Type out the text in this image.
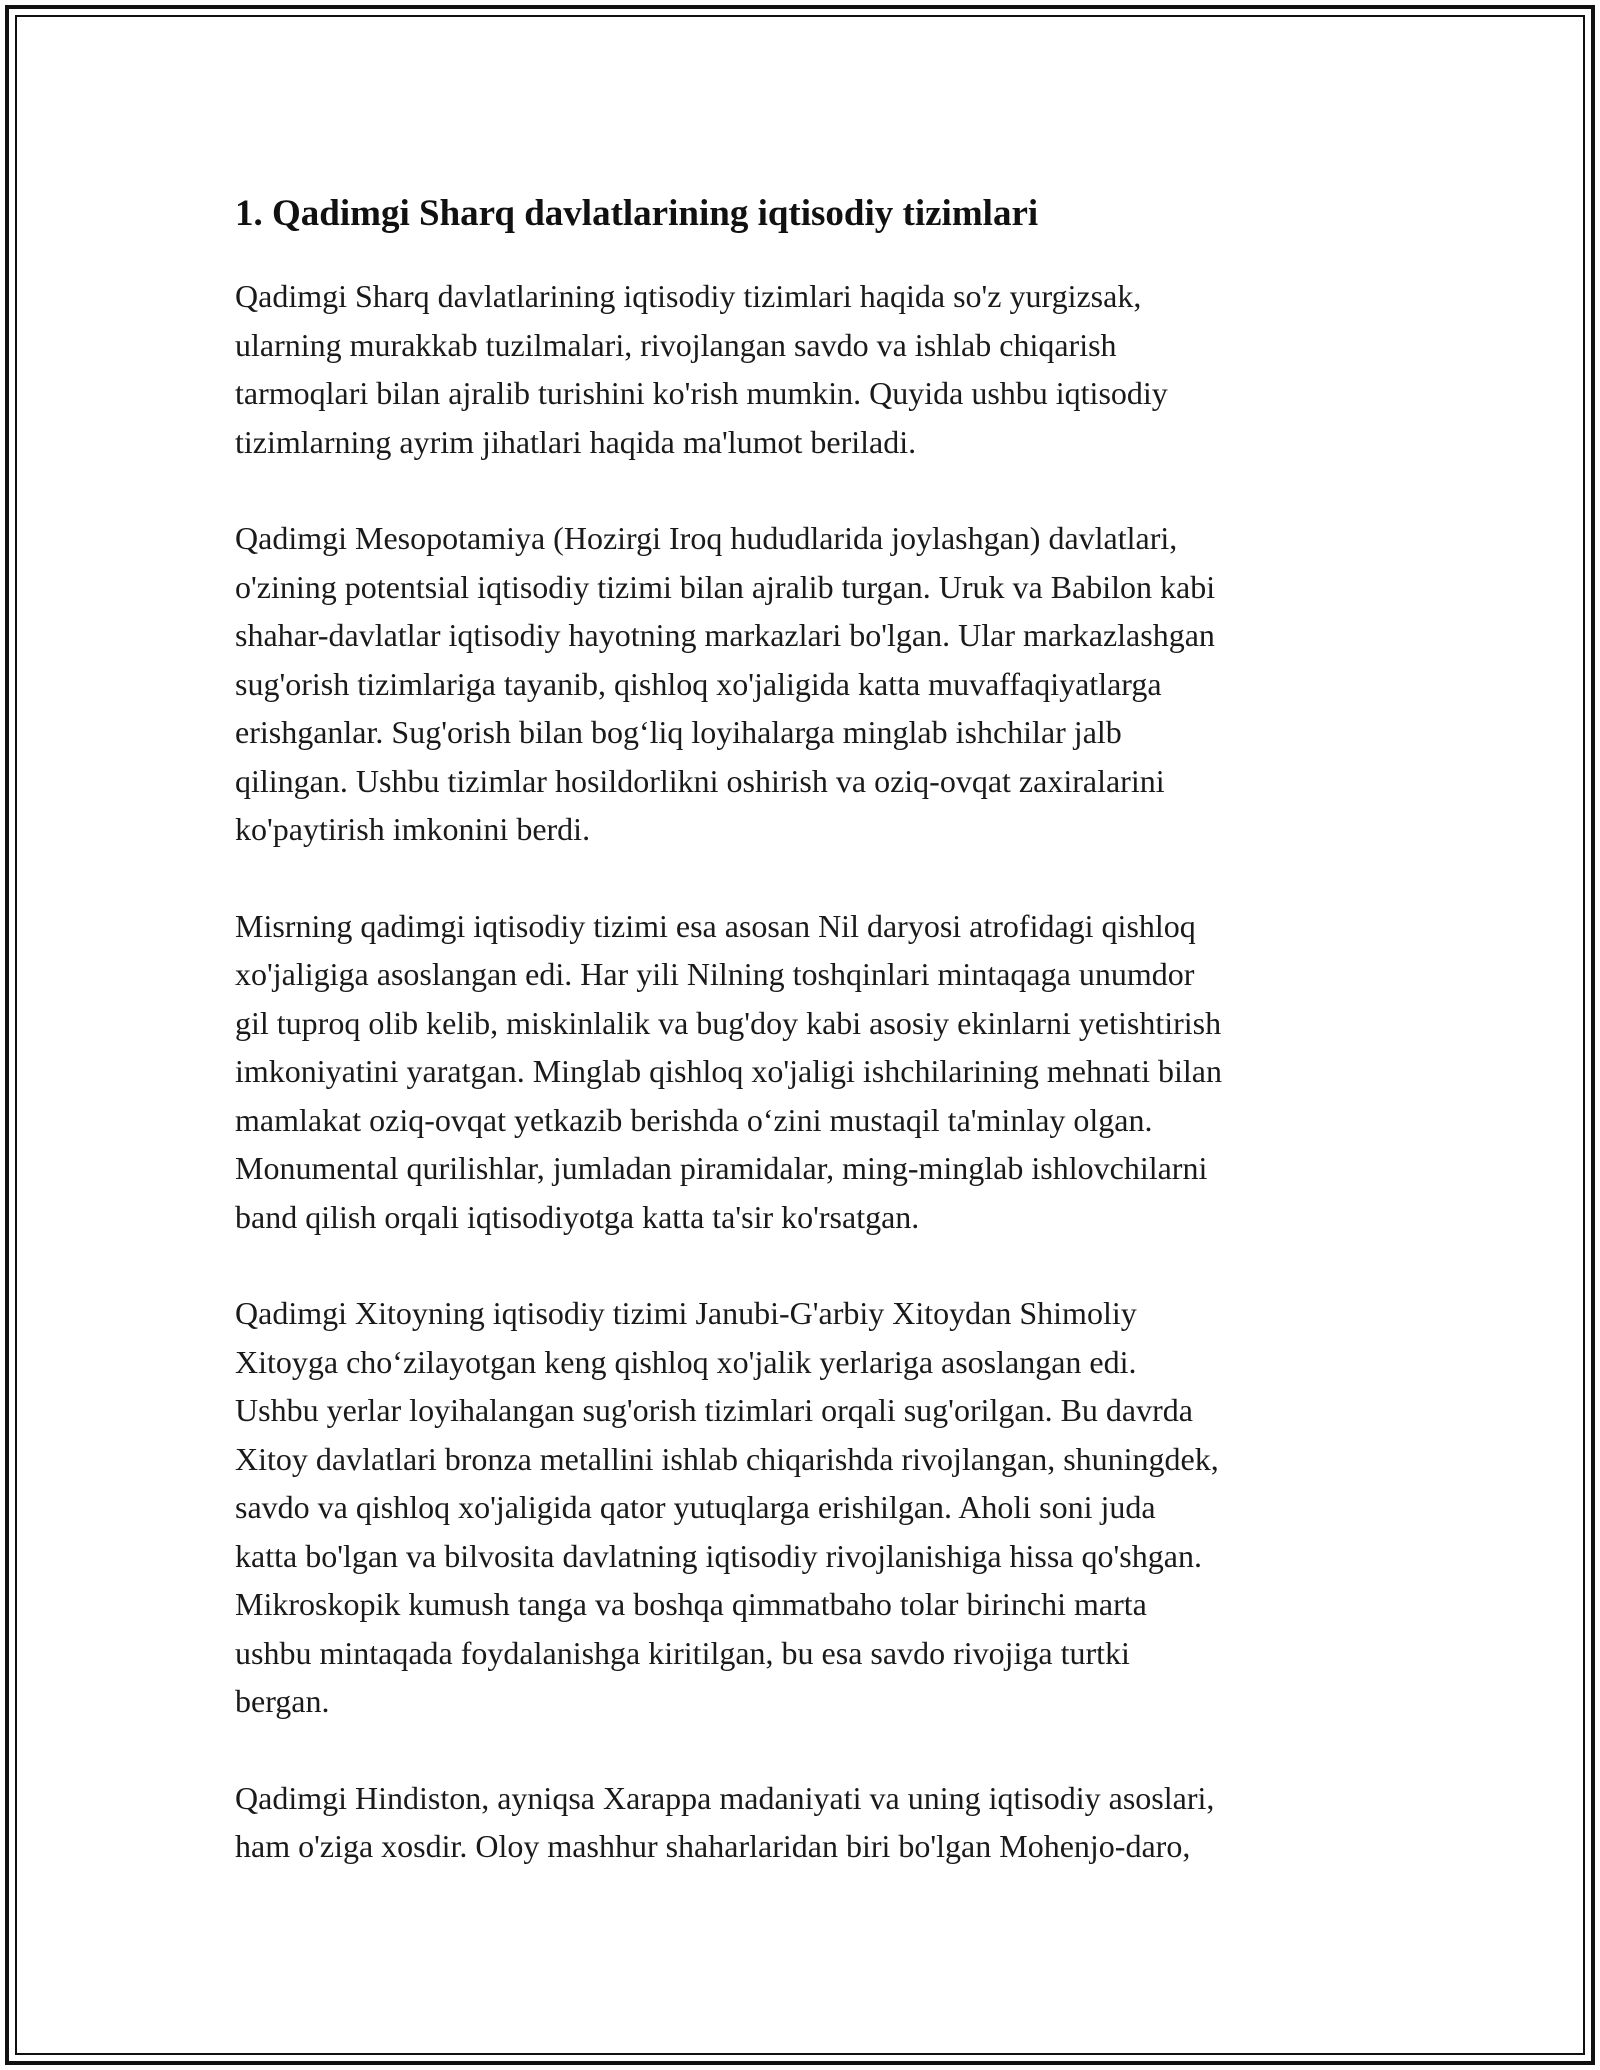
1. Qadimgi Sharq davlatlarining iqtisodiy tizimlari

Qadimgi Sharq davlatlarining iqtisodiy tizimlari haqida so'z yurgizsak,
ularning murakkab tuzilmalari, rivojlangan savdo va ishlab chiqarish
tarmoqlari bilan ajralib turishini ko'rish mumkin. Quyida ushbu iqtisodiy
tizimlarning ayrim jihatlari haqida ma'lumot beriladi.

Qadimgi Mesopotamiya (Hozirgi Iroq hududlarida joylashgan) davlatlari,
o'zining potentsial iqtisodiy tizimi bilan ajralib turgan. Uruk va Babilon kabi
shahar-davlatlar iqtisodiy hayotning markazlari bo'lgan. Ular markazlashgan
sug'orish tizimlariga tayanib, qishloq xo'jaligida katta muvaffaqiyatlarga
erishganlar. Sug'orish bilan bog‘liq loyihalarga minglab ishchilar jalb
qilingan. Ushbu tizimlar hosildorlikni oshirish va oziq-ovqat zaxiralarini
ko'paytirish imkonini berdi.

Misrning qadimgi iqtisodiy tizimi esa asosan Nil daryosi atrofidagi qishloq
xo'jaligiga asoslangan edi. Har yili Nilning toshqinlari mintaqaga unumdor
gil tuproq olib kelib, miskinlalik va bug'doy kabi asosiy ekinlarni yetishtirish
imkoniyatini yaratgan. Minglab qishloq xo'jaligi ishchilarining mehnati bilan
mamlakat oziq-ovqat yetkazib berishda o‘zini mustaqil ta'minlay olgan.
Monumental qurilishlar, jumladan piramidalar, ming-minglab ishlovchilarni
band qilish orqali iqtisodiyotga katta ta'sir ko'rsatgan.

Qadimgi Xitoyning iqtisodiy tizimi Janubi-G'arbiy Xitoydan Shimoliy
Xitoyga cho‘zilayotgan keng qishloq xo'jalik yerlariga asoslangan edi.
Ushbu yerlar loyihalangan sug'orish tizimlari orqali sug'orilgan. Bu davrda
Xitoy davlatlari bronza metallini ishlab chiqarishda rivojlangan, shuningdek,
savdo va qishloq xo'jaligida qator yutuqlarga erishilgan. Aholi soni juda
katta bo'lgan va bilvosita davlatning iqtisodiy rivojlanishiga hissa qo'shgan.
Mikroskopik kumush tanga va boshqa qimmatbaho tolar birinchi marta
ushbu mintaqada foydalanishga kiritilgan, bu esa savdo rivojiga turtki
bergan.

Qadimgi Hindiston, ayniqsa Xarappa madaniyati va uning iqtisodiy asoslari,
ham o'ziga xosdir. Oloy mashhur shaharlaridan biri bo'lgan Mohenjo-daro,
